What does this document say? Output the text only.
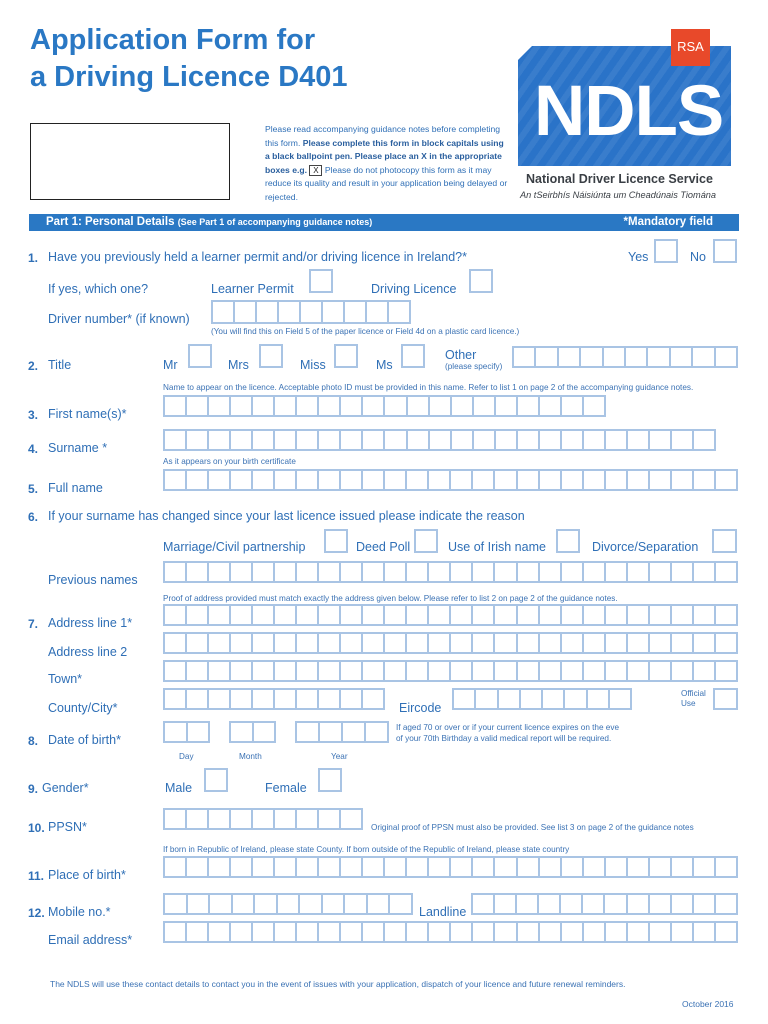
Application Form for
a Driving Licence D401
Please read accompanying guidance notes before completing this form. Please complete this form in block capitals using a black ballpoint pen. Please place an X in the appropriate boxes e.g. X Please do not photocopy this form as it may reduce its quality and result in your application being delayed or rejected.
NDLS
RSA
National Driver Licence Service
An tSeirbhís Náisiúnta um Cheadúnais Tiomána
Part 1: Personal Details (See Part 1 of accompanying guidance notes)	*Mandatory field
1. Have you previously held a learner permit and/or driving licence in Ireland?*	Yes	No
If yes, which one?	Learner Permit	Driving Licence
Driver number* (if known)
(You will find this on Field 5 of the paper licence or Field 4d on a plastic card licence.)
2. Title	Mr	Mrs	Miss	Ms
Other
(please specify)
Name to appear on the licence. Acceptable photo ID must be provided in this name. Refer to list 1 on page 2 of the accompanying guidance notes.
3. First name(s)*
4. Surname *
As it appears on your birth certificate
5. Full name
6. If your surname has changed since your last licence issued please indicate the reason
Marriage/Civil partnership	Deed Poll	Use of Irish name	Divorce/Separation
Previous names
Proof of address provided must match exactly the address given below. Please refer to list 2 on page 2 of the guidance notes.
7. Address line 1*
Address line 2
Town*
County/City*	Eircode
Official
Use
8. Date of birth*
Day	Month	Year
If aged 70 or over or if your current licence expires on the eve
of your 70th Birthday a valid medical report will be required.
9. Gender*	Male	Female
10. PPSN*	Original proof of PPSN must also be provided. See list 3 on page 2 of the guidance notes
If born in Republic of Ireland, please state County. If born outside of the Republic of Ireland, please state country
11. Place of birth*
12. Mobile no.*	Landline
Email address*
The NDLS will use these contact details to contact you in the event of issues with your application, dispatch of your licence and future renewal reminders.
October 2016
